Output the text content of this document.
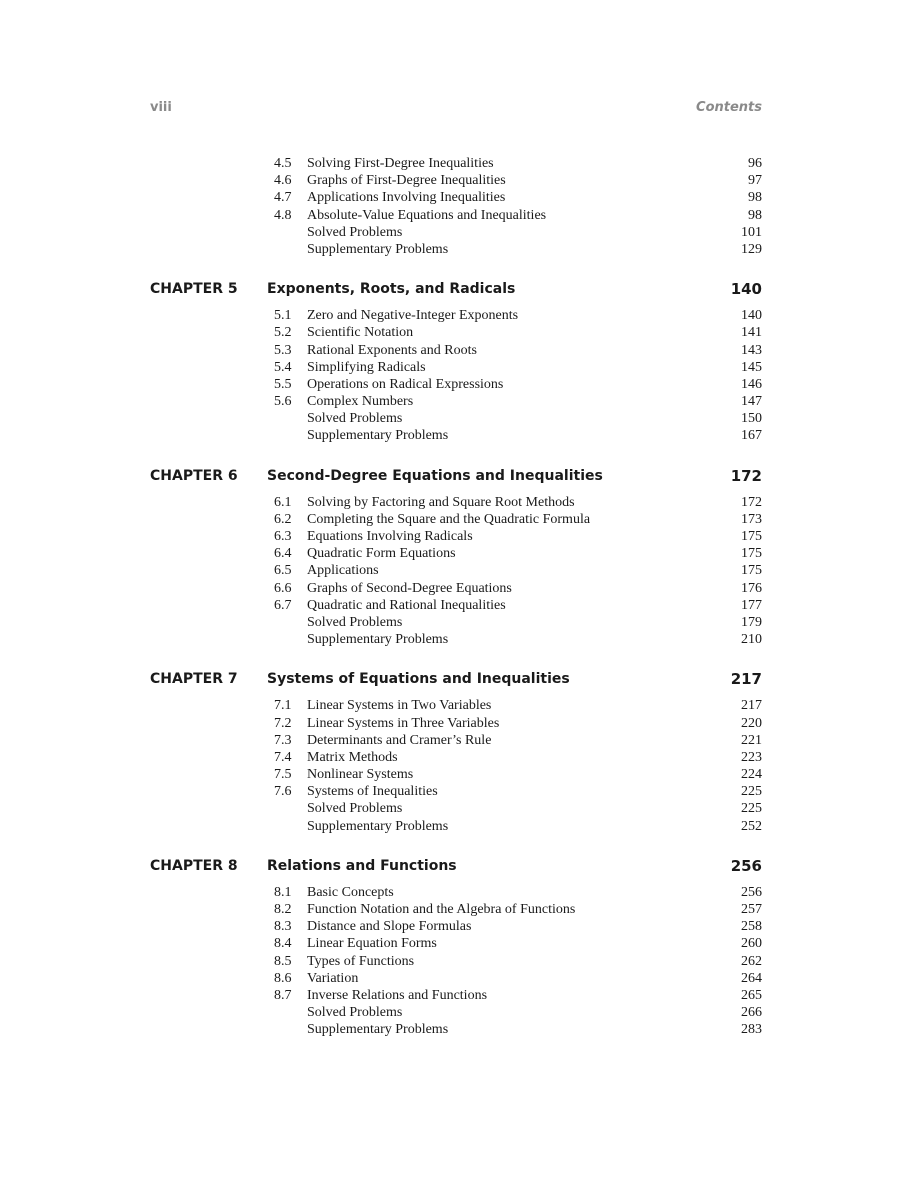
viii	Contents
4.5 Solving First-Degree Inequalities	96
4.6 Graphs of First-Degree Inequalities	97
4.7 Applications Involving Inequalities	98
4.8 Absolute-Value Equations and Inequalities	98
Solved Problems	101
Supplementary Problems	129
CHAPTER 5 Exponents, Roots, and Radicals	140
5.1 Zero and Negative-Integer Exponents	140
5.2 Scientific Notation	141
5.3 Rational Exponents and Roots	143
5.4 Simplifying Radicals	145
5.5 Operations on Radical Expressions	146
5.6 Complex Numbers	147
Solved Problems	150
Supplementary Problems	167
CHAPTER 6 Second-Degree Equations and Inequalities	172
6.1 Solving by Factoring and Square Root Methods	172
6.2 Completing the Square and the Quadratic Formula	173
6.3 Equations Involving Radicals	175
6.4 Quadratic Form Equations	175
6.5 Applications	175
6.6 Graphs of Second-Degree Equations	176
6.7 Quadratic and Rational Inequalities	177
Solved Problems	179
Supplementary Problems	210
CHAPTER 7 Systems of Equations and Inequalities	217
7.1 Linear Systems in Two Variables	217
7.2 Linear Systems in Three Variables	220
7.3 Determinants and Cramer’s Rule	221
7.4 Matrix Methods	223
7.5 Nonlinear Systems	224
7.6 Systems of Inequalities	225
Solved Problems	225
Supplementary Problems	252
CHAPTER 8 Relations and Functions	256
8.1 Basic Concepts	256
8.2 Function Notation and the Algebra of Functions	257
8.3 Distance and Slope Formulas	258
8.4 Linear Equation Forms	260
8.5 Types of Functions	262
8.6 Variation	264
8.7 Inverse Relations and Functions	265
Solved Problems	266
Supplementary Problems	283
